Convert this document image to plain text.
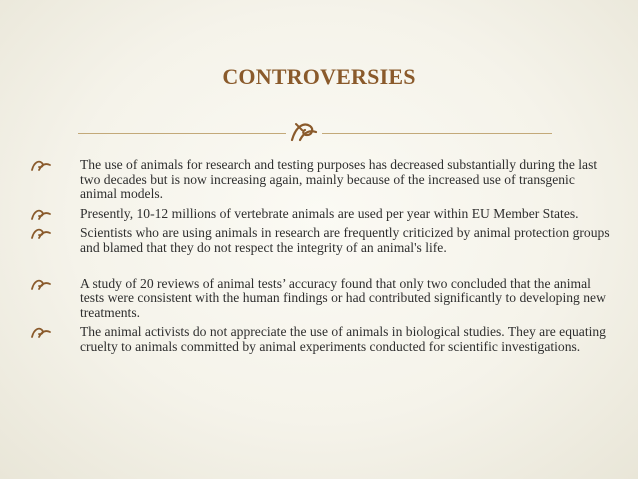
CONTROVERSIES
The use of animals for research and testing purposes has decreased substantially during the last two decades but is now increasing again, mainly because of the increased use of transgenic animal models.
Presently, 10-12 millions of vertebrate animals are used per year within EU Member States.
Scientists who are using animals in research are frequently criticized by animal protection groups and blamed that they do not respect the integrity of an animal's life.
A study of 20 reviews of animal tests’ accuracy found that only two concluded that the animal tests were consistent with the human findings or had contributed significantly to developing new treatments.
The animal activists do not appreciate the use of animals in biological studies. They are equating cruelty to animals committed by animal experiments conducted for scientific investigations.
